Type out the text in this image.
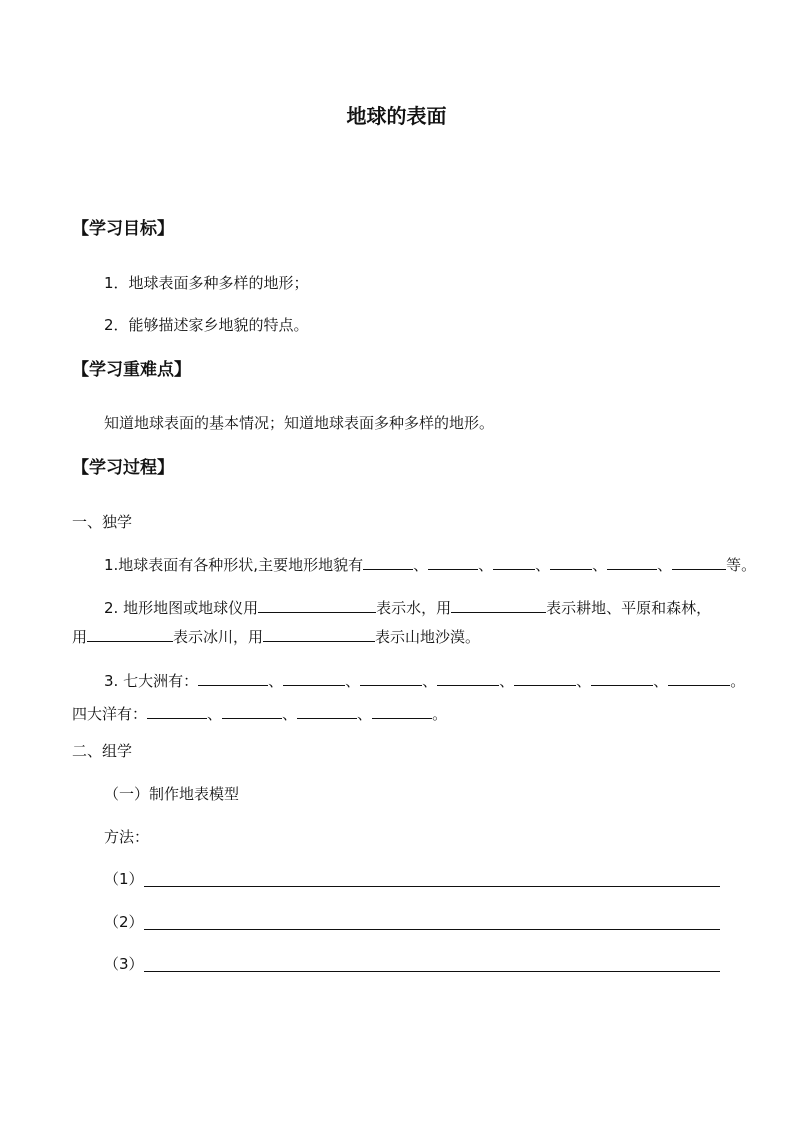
地球的表面
【学习目标】
1．地球表面多种多样的地形；
2．能够描述家乡地貌的特点。
【学习重难点】
知道地球表面的基本情况；知道地球表面多种多样的地形。
【学习过程】
一、独学
1.地球表面有各种形状,主要地形地貌有	、	、	、	、	、	等。
2. 地形地图或地球仪用	表示水，用	表示耕地、平原和森林，
用	表示冰川，用	表示山地沙漠。
3. 七大洲有：	、	、	、	、	、	、	。
四大洋有：	、	、	、	。
二、组学
（一）制作地表模型
方法：
（1）
（2）
（3）
